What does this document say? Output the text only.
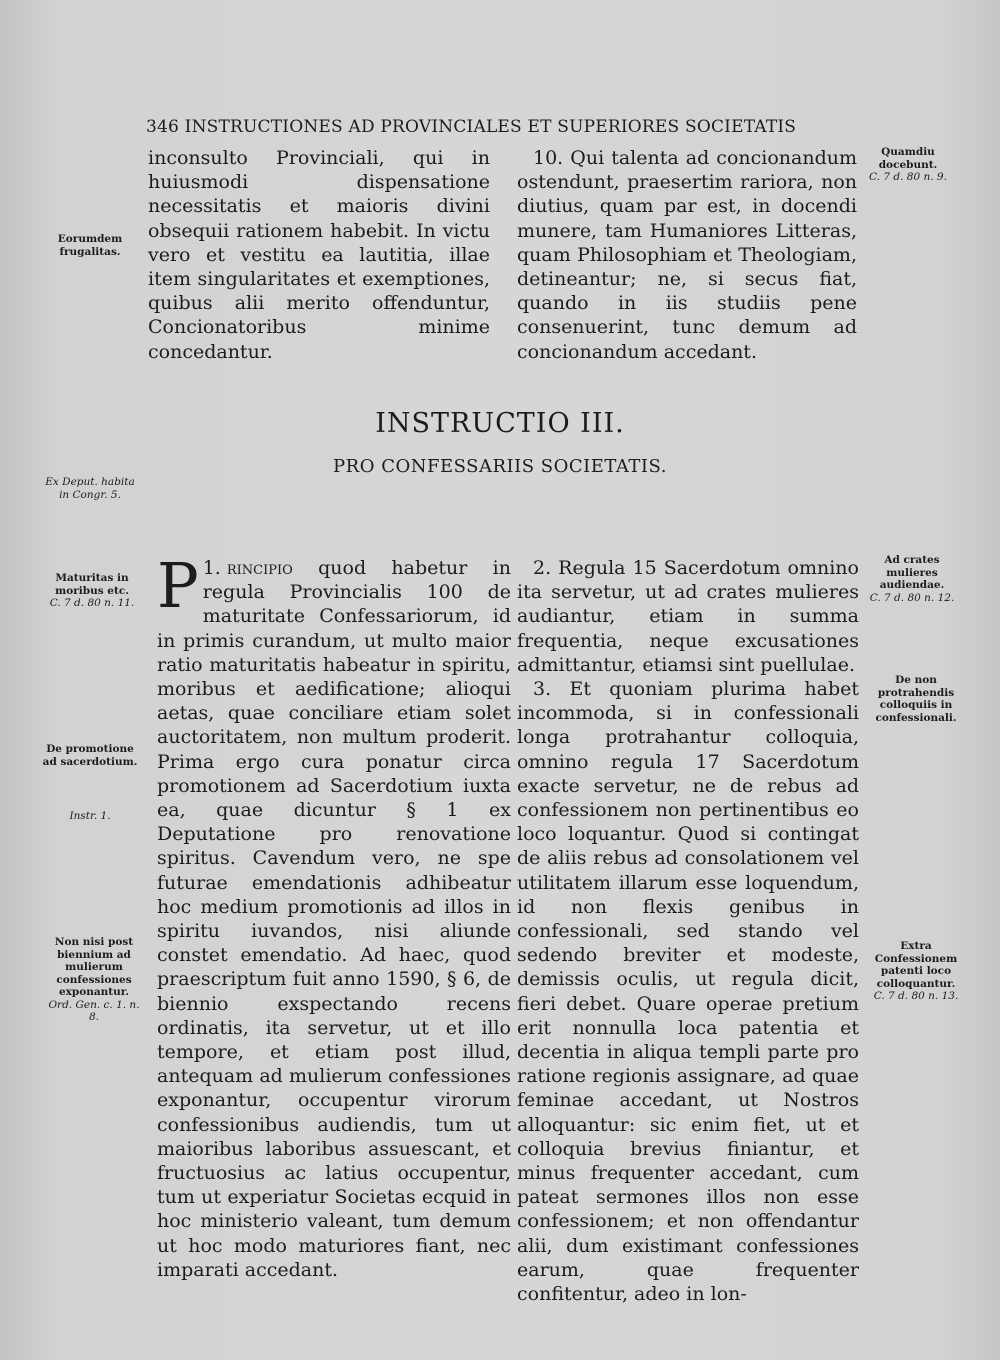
346 INSTRUCTIONES AD PROVINCIALES ET SUPERIORES SOCIETATIS
Eorumdem frugalitas.
Ex Deput. habita in Congr. 5.
Maturitas in moribus etc.
C. 7 d. 80 n. 11.
De promotione ad sacerdotium.
Instr. 1.
Non nisi post biennium ad mulierum confessiones exponantur.
Ord. Gen. c. 1. n. 8.
Quamdiu docebunt.
C. 7 d. 80 n. 9.
Ad crates mulieres audiendae.
C. 7 d. 80 n. 12.
De non protrahendis colloquiis in confessionali.
Extra Confessionem patenti loco colloquantur.
C. 7 d. 80 n. 13.

inconsulto Provinciali, qui in huiusmodi dispensatione necessitatis et maioris divini obsequii rationem habebit. In victu vero et vestitu ea lautitia, illae item singularitates et exemptiones, quibus alii merito offenduntur, Concionatoribus minime concedantur.

10. Qui talenta ad concionandum ostendunt, praesertim rariora, non diutius, quam par est, in docendi munere, tam Humaniores Litteras, quam Philosophiam et Theologiam, detineantur; ne, si secus fiat, quando in iis studiis pene consenuerint, tunc demum ad concionandum accedant.

INSTRUCTIO III.
PRO CONFESSARIIS SOCIETATIS.

1.
P rincipio quod habetur in regula Provincialis 100 de maturitate Confessariorum, id in primis curandum, ut multo maior ratio maturitatis habeatur in spiritu, moribus et aedificatione; alioqui aetas, quae conciliare etiam solet auctoritatem, non multum proderit. Prima ergo cura ponatur circa promotionem ad Sacerdotium iuxta ea, quae dicuntur § 1 ex Deputatione pro renovatione spiritus. Cavendum vero, ne spe futurae emendationis adhibeatur hoc medium promotionis ad illos in spiritu iuvandos, nisi aliunde constet emendatio. Ad haec, quod praescriptum fuit anno 1590, § 6, de biennio exspectando recens ordinatis, ita servetur, ut et illo tempore, et etiam post illud, antequam ad mulierum confessiones exponantur, occupentur virorum confessionibus audiendis, tum ut maioribus laboribus assuescant, et fructuosius ac latius occupentur, tum ut experiatur Societas ecquid in hoc ministerio valeant, tum demum ut hoc modo maturiores fiant, nec imparati accedant.

2. Regula 15 Sacerdotum omnino ita servetur, ut ad crates mulieres audiantur, etiam in summa frequentia, neque excusationes admittantur, etiamsi sint puellulae.

3. Et quoniam plurima habet incommoda, si in confessionali longa protrahantur colloquia, omnino regula 17 Sacerdotum exacte servetur, ne de rebus ad confessionem non pertinentibus eo loco loquantur. Quod si contingat de aliis rebus ad consolationem vel utilitatem illarum esse loquendum, id non flexis genibus in confessionali, sed stando vel sedendo breviter et modeste, demissis oculis, ut regula dicit, fieri debet. Quare operae pretium erit nonnulla loca patentia et decentia in aliqua templi parte pro ratione regionis assignare, ad quae feminae accedant, ut Nostros alloquantur: sic enim fiet, ut et colloquia brevius finiantur, et minus frequenter accedant, cum pateat sermones illos non esse confessionem; et non offendantur alii, dum existimant confessiones earum, quae frequenter confitentur, adeo in lon-
